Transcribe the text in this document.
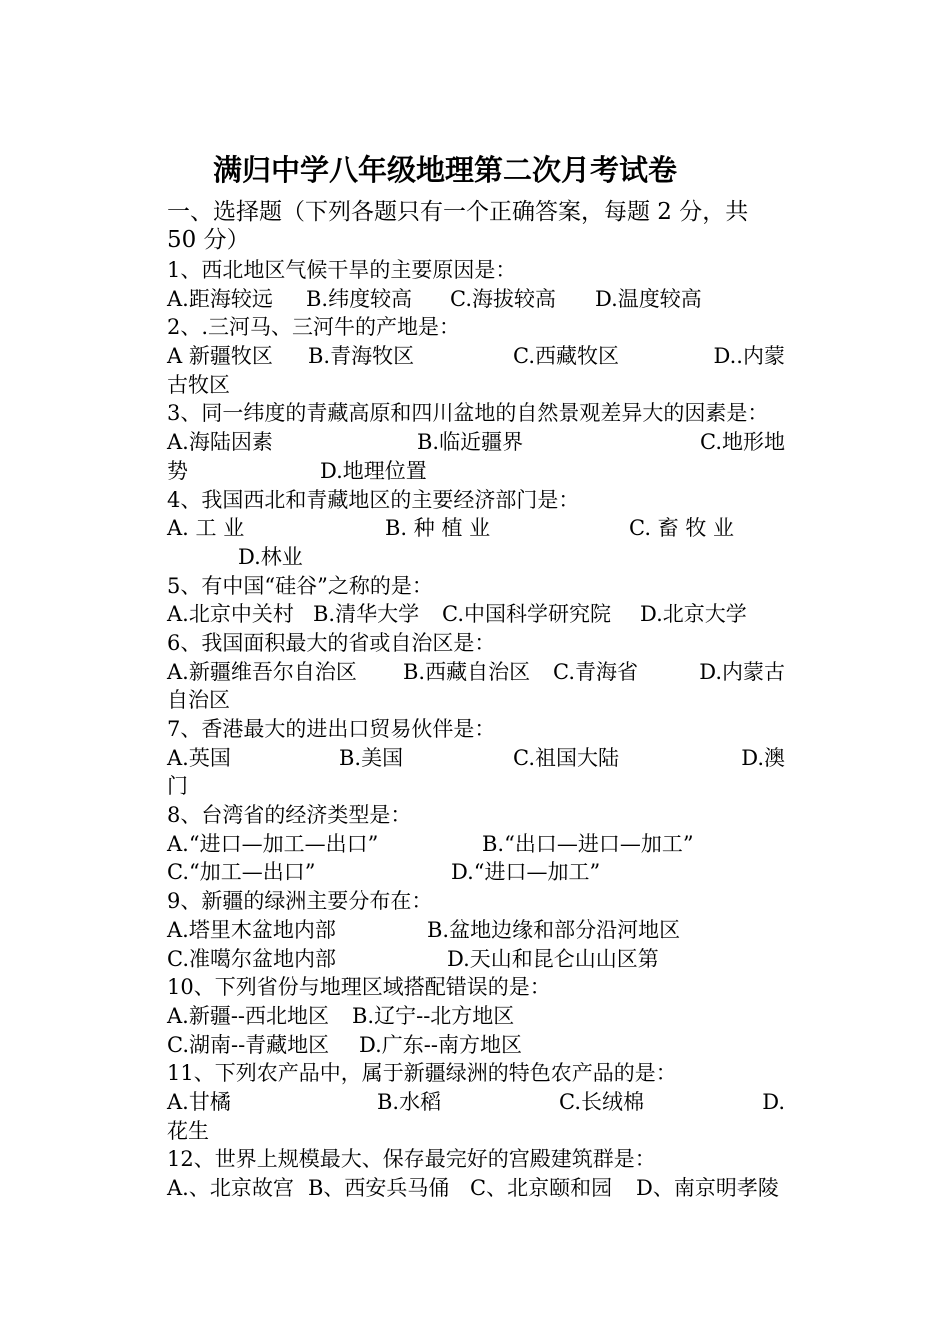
满归中学八年级地理第二次月考试卷
一、选择题（下列各题只有一个正确答案，每题 2 分，共
50 分）
1、西北地区气候干旱的主要原因是：
A.距海较远 B.纬度较高 C.海拔较高 D.温度较高
2、.三河马、三河牛的产地是：
A 新疆牧区 B.青海牧区	C.西藏牧区	D..内蒙
古牧区
3、同一纬度的青藏高原和四川盆地的自然景观差异大的因素是：
A.海陆因素	B.临近疆界	C.地形地
势	D.地理位置
4、我国西北和青藏地区的主要经济部门是：
A. 工 业	B. 种 植 业	C. 畜 牧 业
D.林业
5、有中国“硅谷”之称的是：
A.北京中关村 B.清华大学 C.中国科学研究院 D.北京大学
6、我国面积最大的省或自治区是：
A.新疆维吾尔自治区 B.西藏自治区 C.青海省	D.内蒙古
自治区
7、香港最大的进出口贸易伙伴是：
A.英国	B.美国	C.祖国大陆	D.澳
门
8、台湾省的经济类型是：
A.“进口—加工—出口”	B.“出口—进口—加工”
C.“加工—出口”	D.“进口—加工”
9、新疆的绿洲主要分布在：
A.塔里木盆地内部	B.盆地边缘和部分沿河地区
C.准噶尔盆地内部	D.天山和昆仑山山区第
10、下列省份与地理区域搭配错误的是：
A.新疆--西北地区 B.辽宁--北方地区
C.湖南--青藏地区 D.广东--南方地区
11、下列农产品中，属于新疆绿洲的特色农产品的是：
A.甘橘	B.水稻	C.长绒棉	D.
花生
12、世界上规模最大、保存最完好的宫殿建筑群是：
A.、北京故宫 B、西安兵马俑 C、北京颐和园 D、南京明孝陵
